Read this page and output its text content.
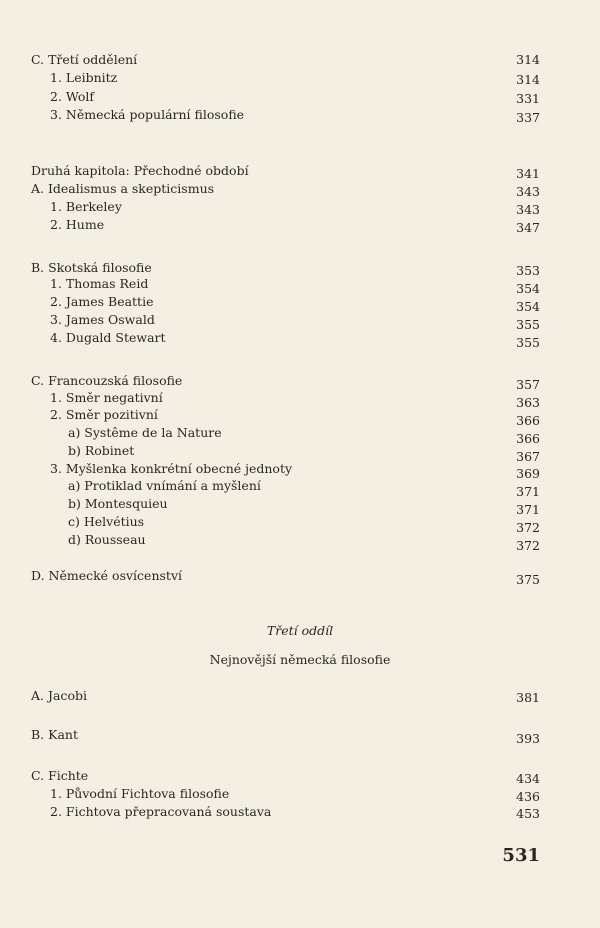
C. Třetí oddělení	314
1. Leibnitz	314
2. Wolf	331
3. Německá populární filosofie	337
Druhá kapitola: Přechodné období	341
A. Idealismus a skepticismus	343
1. Berkeley	343
2. Hume	347
B. Skotská filosofie	353
1. Thomas Reid	354
2. James Beattie	354
3. James Oswald	355
4. Dugald Stewart	355
C. Francouzská filosofie	357
1. Směr negativní	363
2. Směr pozitivní	366
a) Systême de la Nature	366
b) Robinet	367
3. Myšlenka konkrétní obecné jednoty	369
a) Protiklad vnímání a myšlení	371
b) Montesquieu	371
c) Helvétius	372
d) Rousseau	372
D. Německé osvícenství	375
Třetí oddíl
Nejnovější německá filosofie
A. Jacobi	381
B. Kant	393
C. Fichte	434
1. Původní Fichtova filosofie	436
2. Fichtova přepracovaná soustava	453
531
